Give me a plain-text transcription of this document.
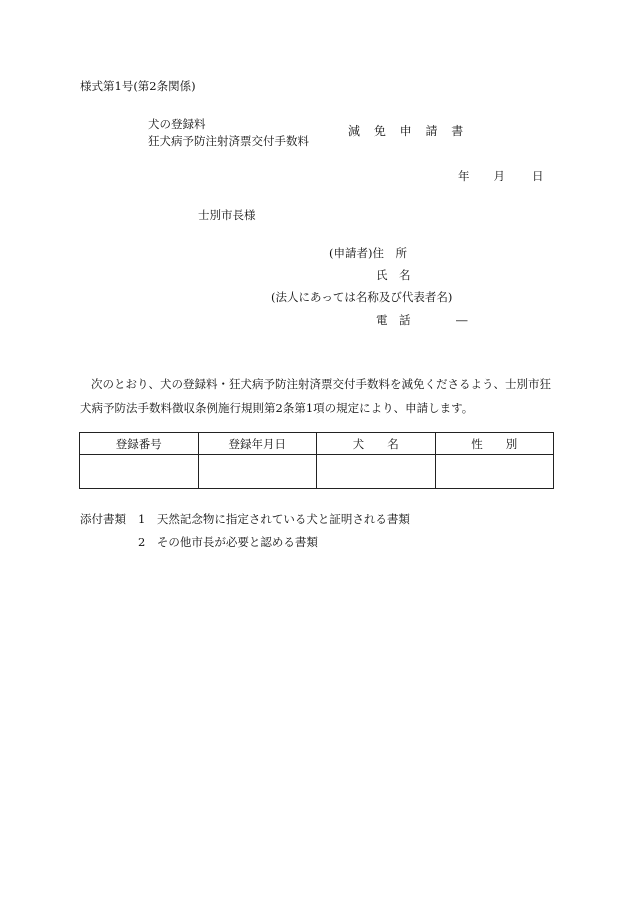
様式第1号(第2条関係)
犬の登録料
狂犬病予防注射済票交付手数料
減 免 申 請 書
年 月 日
士別市長様
(申請者)住　所
氏　名
(法人にあっては名称及び代表者名)
電　話	―
次のとおり、犬の登録料・狂犬病予防注射済票交付手数料を減免くださるよう、士別市狂犬病予防法手数料徴収条例施行規則第2条第1項の規定により、申請します。
登録番号	登録年月日	犬　　名	性　　別

添付書類 1　天然記念物に指定されている犬と証明される書類
2　その他市長が必要と認める書類
